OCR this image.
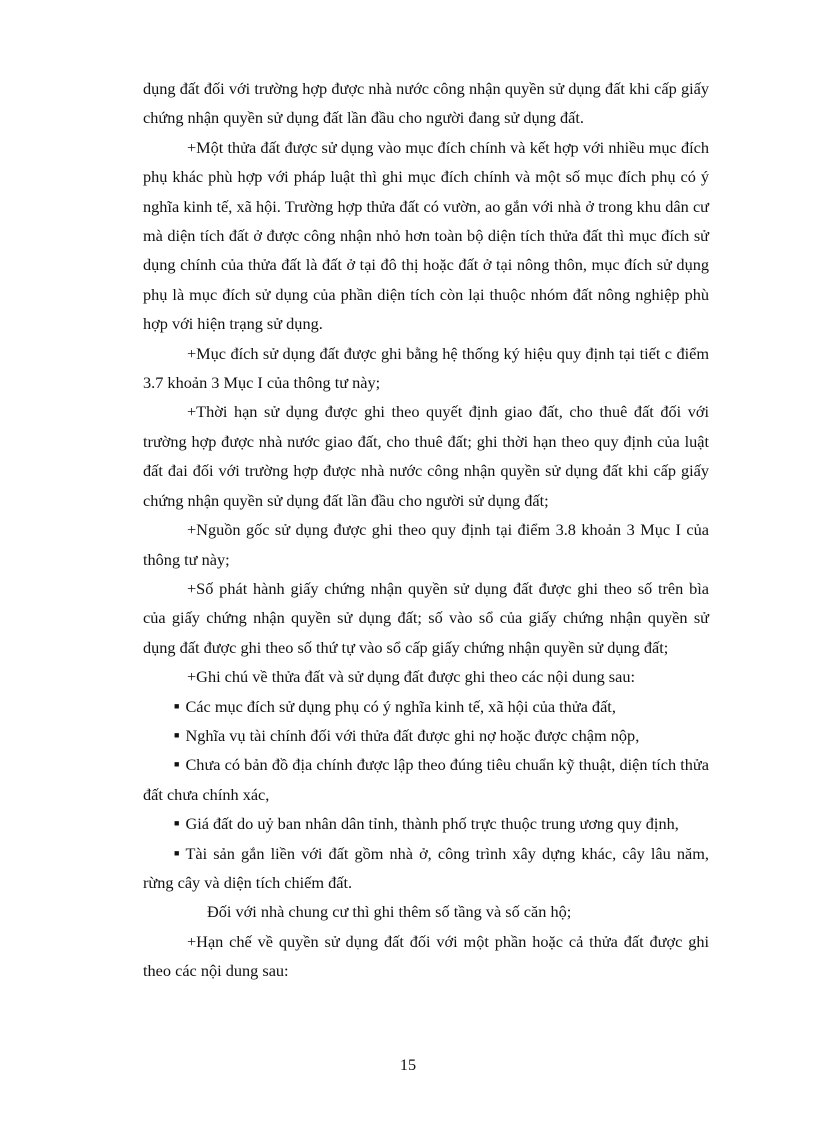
dụng đất đối với trường hợp được nhà nước công nhận quyền sử dụng đất khi cấp giấy chứng nhận quyền sử dụng đất lần đầu cho người đang sử dụng đất.

+Một thửa đất được sử dụng vào mục đích chính và kết hợp với nhiều mục đích phụ khác phù hợp với pháp luật thì ghi mục đích chính và một số mục đích phụ có ý nghĩa kinh tế, xã hội. Trường hợp thửa đất có vườn, ao gắn với nhà ở trong khu dân cư mà diện tích đất ở được công nhận nhỏ hơn toàn bộ diện tích thửa đất thì mục đích sử dụng chính của thửa đất là đất ở tại đô thị hoặc đất ở tại nông thôn, mục đích sử dụng phụ là mục đích sử dụng của phần diện tích còn lại thuộc nhóm đất nông nghiệp phù hợp với hiện trạng sử dụng.

+Mục đích sử dụng đất được ghi bằng hệ thống ký hiệu quy định tại tiết c điểm 3.7 khoản 3 Mục I của thông tư này;

+Thời hạn sử dụng được ghi theo quyết định giao đất, cho thuê đất đối với trường hợp được nhà nước giao đất, cho thuê đất; ghi thời hạn theo quy định của luật đất đai đối với trường hợp được nhà nước công nhận quyền sử dụng đất khi cấp giấy chứng nhận quyền sử dụng đất lần đầu cho người sử dụng đất;

+Nguồn gốc sử dụng được ghi theo quy định tại điểm 3.8 khoản 3 Mục I của thông tư này;

+Số phát hành giấy chứng nhận quyền sử dụng đất được ghi theo số trên bìa của giấy chứng nhận quyền sử dụng đất; số vào sổ của giấy chứng nhận quyền sử dụng đất được ghi theo số thứ tự vào sổ cấp giấy chứng nhận quyền sử dụng đất;

+Ghi chú về thửa đất và sử dụng đất được ghi theo các nội dung sau:

■ Các mục đích sử dụng phụ có ý nghĩa kinh tế, xã hội của thửa đất,

■ Nghĩa vụ tài chính đối với thửa đất được ghi nợ hoặc được chậm nộp,

■ Chưa có bản đồ địa chính được lập theo đúng tiêu chuẩn kỹ thuật, diện tích thửa đất chưa chính xác,

■ Giá đất do uỷ ban nhân dân tỉnh, thành phố trực thuộc trung ương quy định,

■ Tài sản gắn liền với đất gồm nhà ở, công trình xây dựng khác, cây lâu năm, rừng cây và diện tích chiếm đất.

Đối với nhà chung cư thì ghi thêm số tầng và số căn hộ;

+Hạn chế về quyền sử dụng đất đối với một phần hoặc cả thửa đất được ghi theo các nội dung sau:

15
